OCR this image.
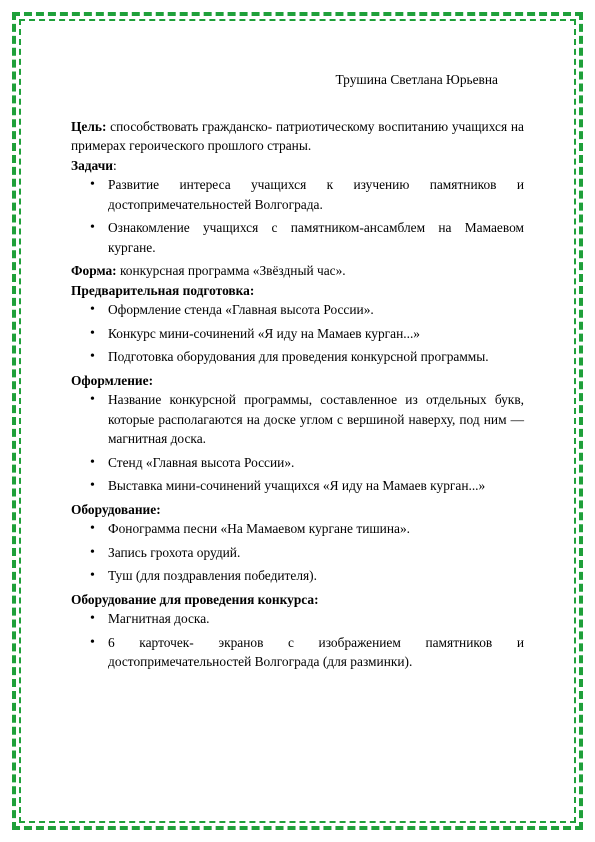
Трушина Светлана Юрьевна

Цель: способствовать гражданско- патриотическому воспитанию учащихся на примерах героического прошлого страны.

Задачи:

• Развитие интереса учащихся к изучению памятников и достопримечательностей Волгограда.
• Ознакомление учащихся с памятником-ансамблем на Мамаевом кургане.

Форма: конкурсная программа «Звёздный час».

Предварительная подготовка:

• Оформление стенда «Главная высота России».
• Конкурс мини-сочинений «Я иду на Мамаев курган...»
• Подготовка оборудования для проведения конкурсной программы.

Оформление:

• Название конкурсной программы, составленное из отдельных букв, которые располагаются на доске углом с вершиной наверху, под ним — магнитная доска.
• Стенд «Главная высота России».
• Выставка мини-сочинений учащихся «Я иду на Мамаев курган...»

Оборудование:

• Фонограмма песни «На Мамаевом кургане тишина».
• Запись грохота орудий.
• Туш (для поздравления победителя).

Оборудование для проведения конкурса:

• Магнитная доска.
• 6 карточек- экранов с изображением памятников и достопримечательностей Волгограда (для разминки).
